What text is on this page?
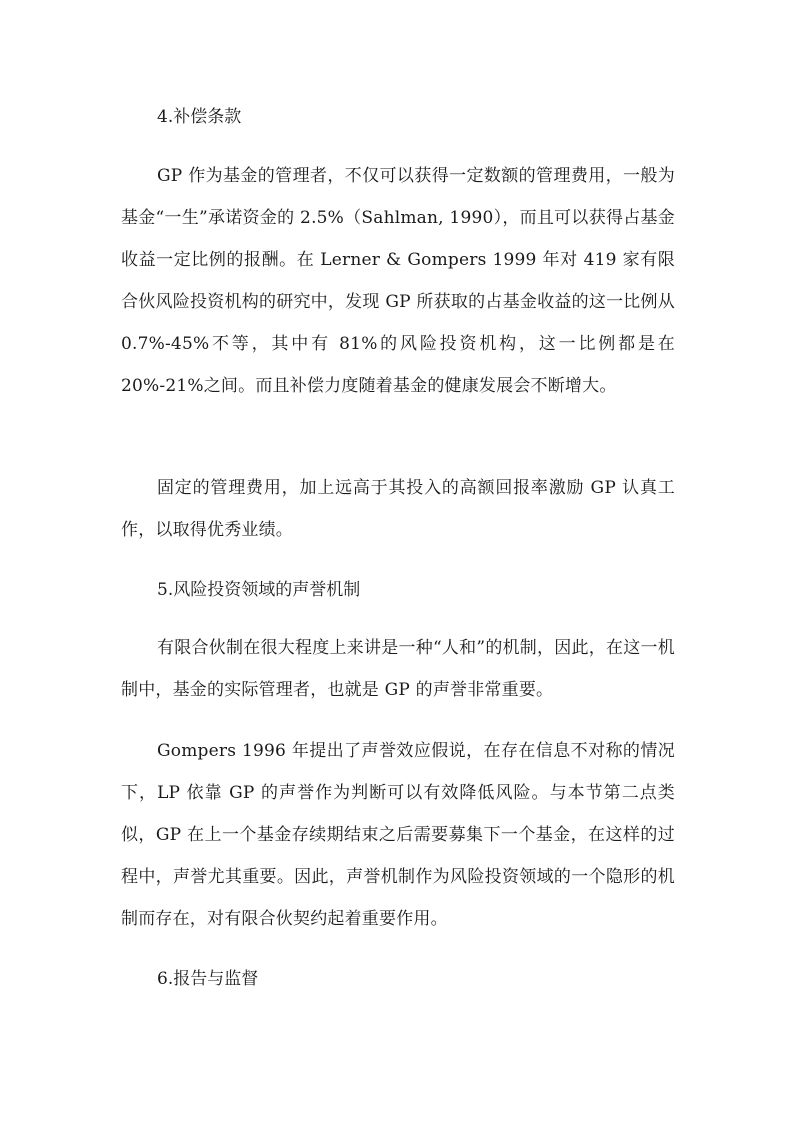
4.补偿条款

GP 作为基金的管理者，不仅可以获得一定数额的管理费用，一般为基金“一生”承诺资金的 2.5%（Sahlman, 1990），而且可以获得占基金收益一定比例的报酬。在 Lerner & Gompers 1999 年对 419 家有限合伙风险投资机构的研究中，发现 GP 所获取的占基金收益的这一比例从 0.7%-45%不等，其中有 81%的风险投资机构，这一比例都是在 20%-21%之间。而且补偿力度随着基金的健康发展会不断增大。

固定的管理费用，加上远高于其投入的高额回报率激励 GP 认真工作，以取得优秀业绩。

5.风险投资领域的声誉机制

有限合伙制在很大程度上来讲是一种“人和”的机制，因此，在这一机制中，基金的实际管理者，也就是 GP 的声誉非常重要。

Gompers 1996 年提出了声誉效应假说，在存在信息不对称的情况下，LP 依靠 GP 的声誉作为判断可以有效降低风险。与本节第二点类似，GP 在上一个基金存续期结束之后需要募集下一个基金，在这样的过程中，声誉尤其重要。因此，声誉机制作为风险投资领域的一个隐形的机制而存在，对有限合伙契约起着重要作用。

6.报告与监督
